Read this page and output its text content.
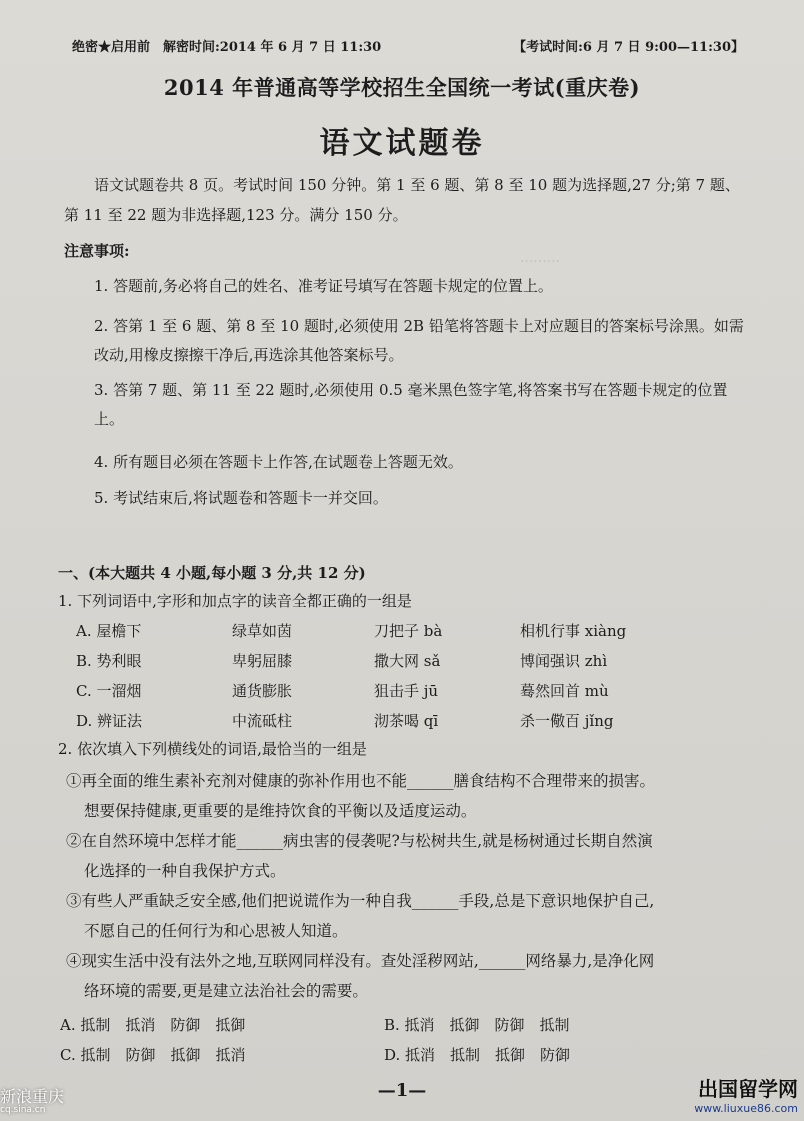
.........
绝密★启用前　解密时间:2014 年 6 月 7 日 11:30	【考试时间:6 月 7 日 9:00—11:30】
2014 年普通高等学校招生全国统一考试(重庆卷)
语文试题卷
语文试题卷共 8 页。考试时间 150 分钟。第 1 至 6 题、第 8 至 10 题为选择题,27 分;第 7 题、第 11 至 22 题为非选择题,123 分。满分 150 分。
注意事项:
1. 答题前,务必将自己的姓名、准考证号填写在答题卡规定的位置上。
2. 答第 1 至 6 题、第 8 至 10 题时,必须使用 2B 铅笔将答题卡上对应题目的答案标号涂黑。如需改动,用橡皮擦擦干净后,再选涂其他答案标号。
3. 答第 7 题、第 11 至 22 题时,必须使用 0.5 毫米黑色签字笔,将答案书写在答题卡规定的位置上。
4. 所有题目必须在答题卡上作答,在试题卷上答题无效。
5. 考试结束后,将试题卷和答题卡一并交回。
一、(本大题共 4 小题,每小题 3 分,共 12 分)
1. 下列词语中,字形和加点字的读音全都正确的一组是
A. 屋檐下	绿草如茵	刀把子 bà	相机行事 xiàng
B. 势利眼	卑躬屈膝	撒大网 sǎ	博闻强识 zhì
C. 一溜烟	通货膨胀	狙击手 jū	蓦然回首 mù
D. 辨证法	中流砥柱	沏茶喝 qī	杀一儆百 jǐng
2. 依次填入下列横线处的词语,最恰当的一组是
①再全面的维生素补充剂对健康的弥补作用也不能______膳食结构不合理带来的损害。
想要保持健康,更重要的是维持饮食的平衡以及适度运动。
②在自然环境中怎样才能______病虫害的侵袭呢?与松树共生,就是杨树通过长期自然演
化选择的一种自我保护方式。
③有些人严重缺乏安全感,他们把说谎作为一种自我______手段,总是下意识地保护自己,
不愿自己的任何行为和心思被人知道。
④现实生活中没有法外之地,互联网同样没有。查处淫秽网站,______网络暴力,是净化网
络环境的需要,更是建立法治社会的需要。
A. 抵制　抵消　防御　抵御	B. 抵消　抵御　防御　抵制
C. 抵制　防御　抵御　抵消	D. 抵消　抵制　抵御　防御
—1—
新浪重庆
cq.sina.cn
出国留学网
www.liuxue86.com
